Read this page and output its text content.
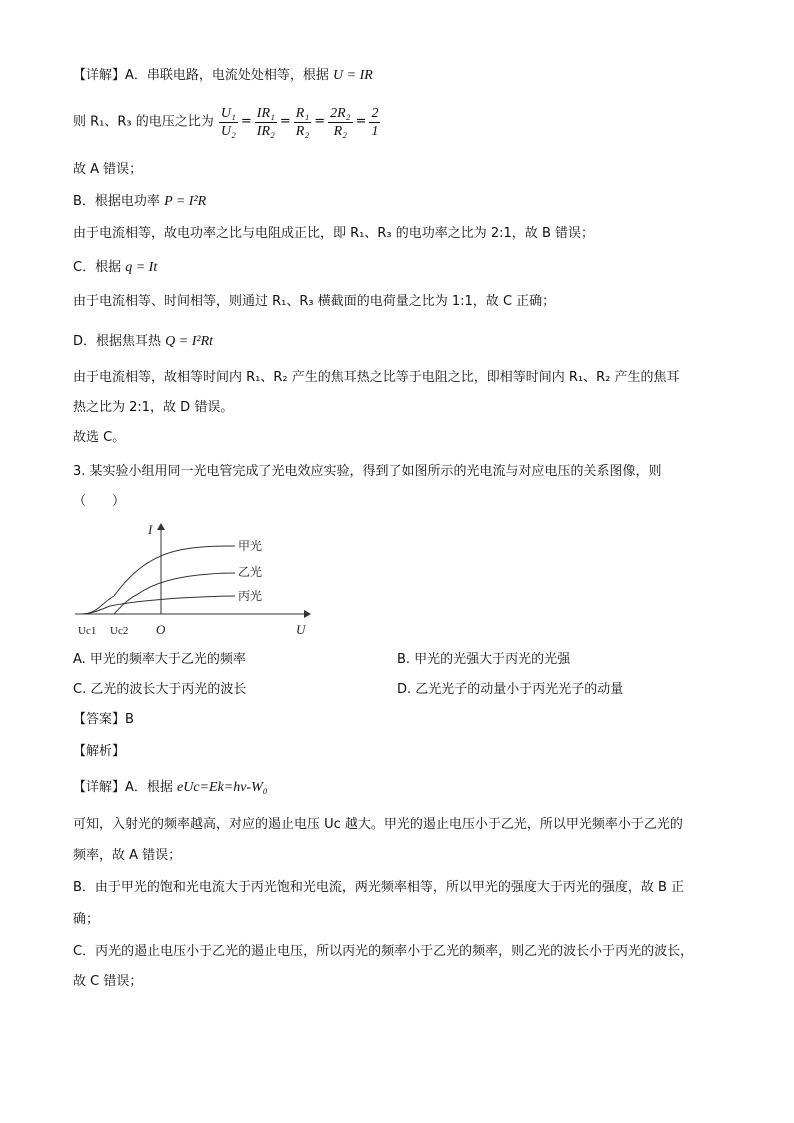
【详解】A．串联电路，电流处处相等，根据 U = IR
则 R₁、R₃ 的电压之比为 $\frac{\text{U₁}}{\text{U₂}} = \frac{\text{IR₁}}{\text{IR₂}} = \frac{\text{R₁}}{\text{R₂}} = \frac{\text{2R₂}}{\text{R₂}} = \frac{2}{1}$
故 A 错误；
B．根据电功率 P = I²R
由于电流相等，故电功率之比与电阻成正比，即 R₁、R₃ 的电功率之比为 2:1，故 B 错误；
C．根据 q = It
由于电流相等、时间相等，则通过 R₁、R₃ 横截面的电荷量之比为 1:1，故 C 正确；
D．根据焦耳热 Q = I²Rt
由于电流相等，故相等时间内 R₁、R₂ 产生的焦耳热之比等于电阻之比，即相等时间内 R₁、R₂ 产生的焦耳
热之比为 2:1，故 D 错误。
故选 C。
3. 某实验小组用同一光电管完成了光电效应实验，得到了如图所示的光电流与对应电压的关系图像，则
（　　）
I
U
O
Uc1 Uc2
甲光
乙光
丙光
A. 甲光的频率大于乙光的频率	B. 甲光的光强大于丙光的光强
C. 乙光的波长大于丙光的波长	D. 乙光光子的动量小于丙光光子的动量
【答案】B
【解析】
【详解】A．根据 eUc=Ek=hν-W₀
可知，入射光的频率越高，对应的遏止电压 Uc 越大。甲光的遏止电压小于乙光，所以甲光频率小于乙光的
频率，故 A 错误；
B．由于甲光的饱和光电流大于丙光饱和光电流，两光频率相等，所以甲光的强度大于丙光的强度，故 B 正
确；
C．丙光的遏止电压小于乙光的遏止电压，所以丙光的频率小于乙光的频率，则乙光的波长小于丙光的波长，
故 C 错误；
